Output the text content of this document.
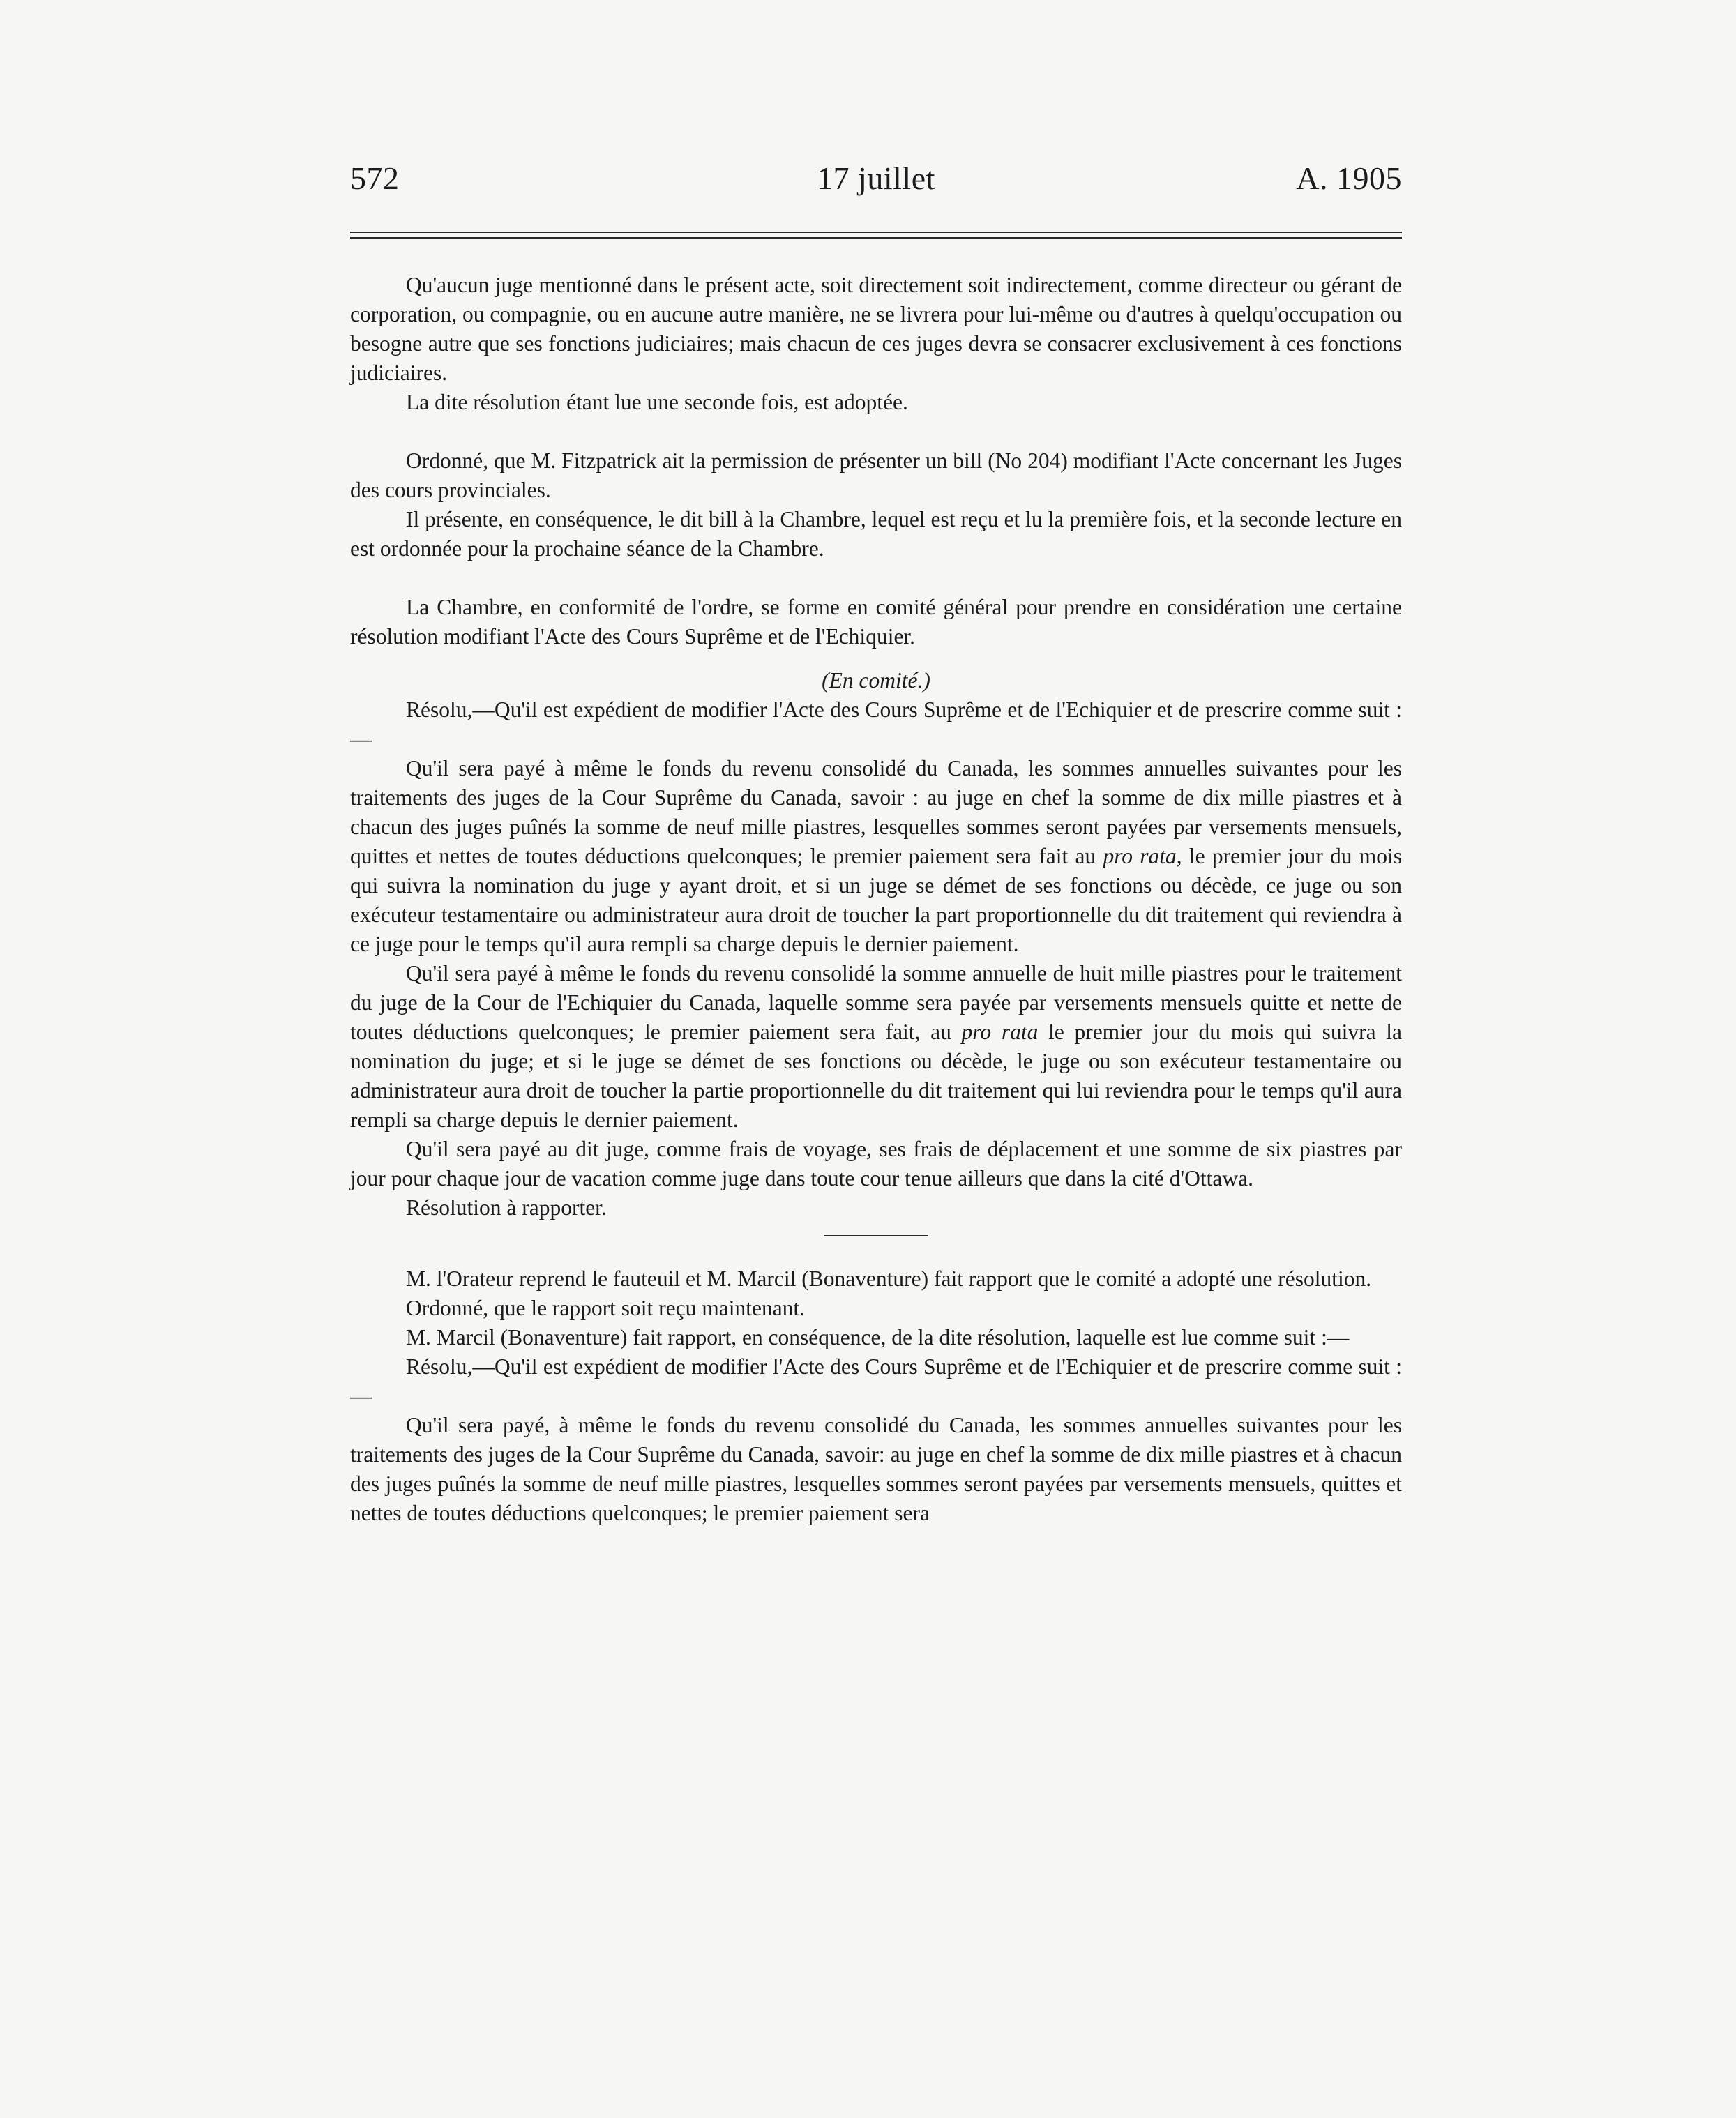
17 juillet
572	A. 1905

Qu'aucun juge mentionné dans le présent acte, soit directement soit indirectement, comme directeur ou gérant de corporation, ou compagnie, ou en aucune autre manière, ne se livrera pour lui-même ou d'autres à quelqu'occupation ou besogne autre que ses fonctions judiciaires; mais chacun de ces juges devra se consacrer exclusivement à ces fonctions judiciaires.

La dite résolution étant lue une seconde fois, est adoptée.

Ordonné, que M. Fitzpatrick ait la permission de présenter un bill (No 204) modifiant l'Acte concernant les Juges des cours provinciales.

Il présente, en conséquence, le dit bill à la Chambre, lequel est reçu et lu la première fois, et la seconde lecture en est ordonnée pour la prochaine séance de la Chambre.

La Chambre, en conformité de l'ordre, se forme en comité général pour prendre en considération une certaine résolution modifiant l'Acte des Cours Suprême et de l'Echiquier.

(En comité.)

Résolu,—Qu'il est expédient de modifier l'Acte des Cours Suprême et de l'Echiquier et de prescrire comme suit :—

Qu'il sera payé à même le fonds du revenu consolidé du Canada, les sommes annuelles suivantes pour les traitements des juges de la Cour Suprême du Canada, savoir : au juge en chef la somme de dix mille piastres et à chacun des juges puînés la somme de neuf mille piastres, lesquelles sommes seront payées par versements mensuels, quittes et nettes de toutes déductions quelconques; le premier paiement sera fait au pro rata, le premier jour du mois qui suivra la nomination du juge y ayant droit, et si un juge se démet de ses fonctions ou décède, ce juge ou son exécuteur testamentaire ou administrateur aura droit de toucher la part proportionnelle du dit traitement qui reviendra à ce juge pour le temps qu'il aura rempli sa charge depuis le dernier paiement.

Qu'il sera payé à même le fonds du revenu consolidé la somme annuelle de huit mille piastres pour le traitement du juge de la Cour de l'Echiquier du Canada, laquelle somme sera payée par versements mensuels quitte et nette de toutes déductions quelconques; le premier paiement sera fait, au pro rata le premier jour du mois qui suivra la nomination du juge; et si le juge se démet de ses fonctions ou décède, le juge ou son exécuteur testamentaire ou administrateur aura droit de toucher la partie proportionnelle du dit traitement qui lui reviendra pour le temps qu'il aura rempli sa charge depuis le dernier paiement.

Qu'il sera payé au dit juge, comme frais de voyage, ses frais de déplacement et une somme de six piastres par jour pour chaque jour de vacation comme juge dans toute cour tenue ailleurs que dans la cité d'Ottawa.

Résolution à rapporter.

M. l'Orateur reprend le fauteuil et M. Marcil (Bonaventure) fait rapport que le comité a adopté une résolution.

Ordonné, que le rapport soit reçu maintenant.

M. Marcil (Bonaventure) fait rapport, en conséquence, de la dite résolution, laquelle est lue comme suit :—

Résolu,—Qu'il est expédient de modifier l'Acte des Cours Suprême et de l'Echiquier et de prescrire comme suit :—

Qu'il sera payé, à même le fonds du revenu consolidé du Canada, les sommes annuelles suivantes pour les traitements des juges de la Cour Suprême du Canada, savoir: au juge en chef la somme de dix mille piastres et à chacun des juges puînés la somme de neuf mille piastres, lesquelles sommes seront payées par versements mensuels, quittes et nettes de toutes déductions quelconques; le premier paiement sera
